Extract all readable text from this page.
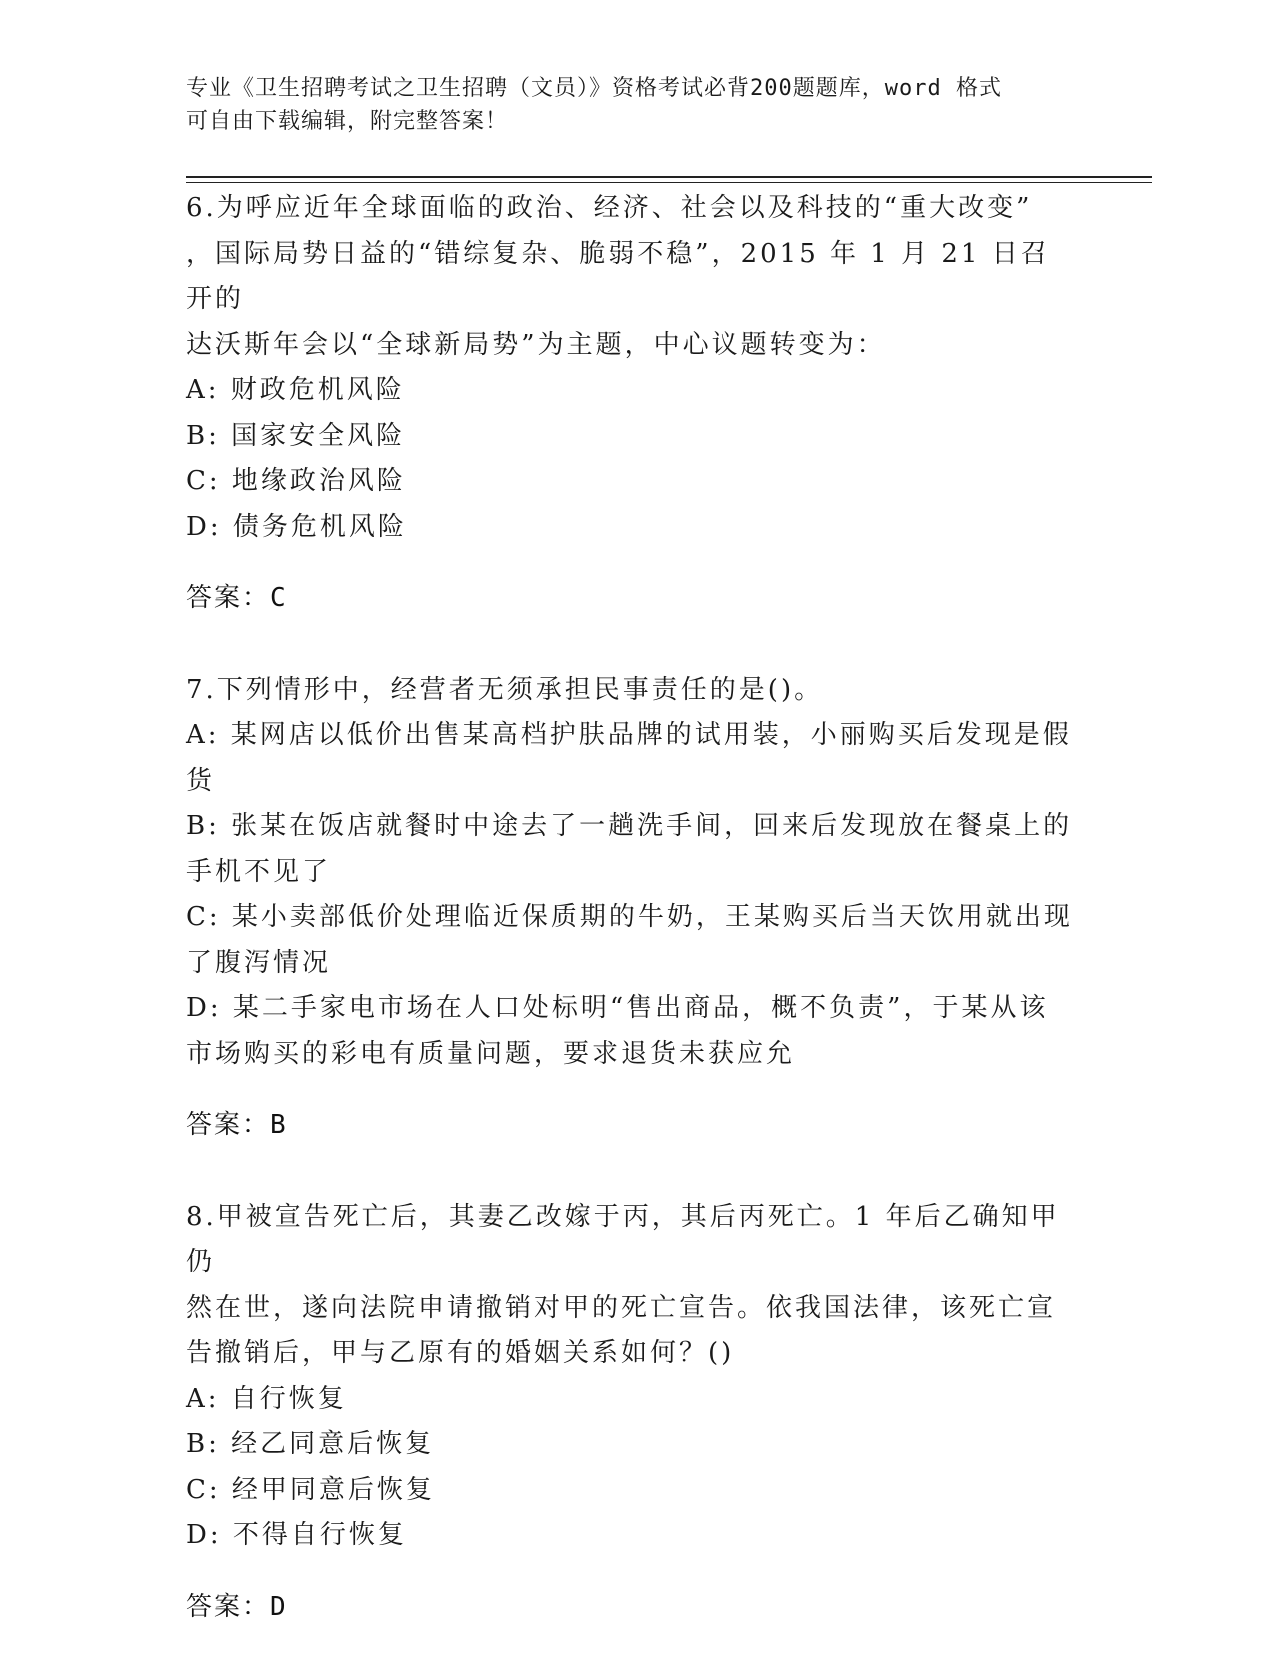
专业《卫生招聘考试之卫生招聘（文员）》资格考试必背200题题库，word 格式
可自由下载编辑，附完整答案！

6.为呼应近年全球面临的政治、经济、社会以及科技的“重大改变”

，国际局势日益的“错综复杂、脆弱不稳”，2015 年 1 月 21 日召开的

达沃斯年会以“全球新局势”为主题，中心议题转变为：

A: 财政危机风险

B: 国家安全风险

C: 地缘政治风险

D: 债务危机风险

答案：C

7.下列情形中，经营者无须承担民事责任的是()。

A: 某网店以低价出售某高档护肤品牌的试用装，小丽购买后发现是假

货

B: 张某在饭店就餐时中途去了一趟洗手间，回来后发现放在餐桌上的

手机不见了

C: 某小卖部低价处理临近保质期的牛奶，王某购买后当天饮用就出现

了腹泻情况

D: 某二手家电市场在人口处标明“售出商品，概不负责”，于某从该

市场购买的彩电有质量问题，要求退货未获应允

答案：B

8.甲被宣告死亡后，其妻乙改嫁于丙，其后丙死亡。1 年后乙确知甲仍

然在世，遂向法院申请撤销对甲的死亡宣告。依我国法律，该死亡宣

告撤销后，甲与乙原有的婚姻关系如何？()

A: 自行恢复

B: 经乙同意后恢复

C: 经甲同意后恢复

D: 不得自行恢复

答案：D
